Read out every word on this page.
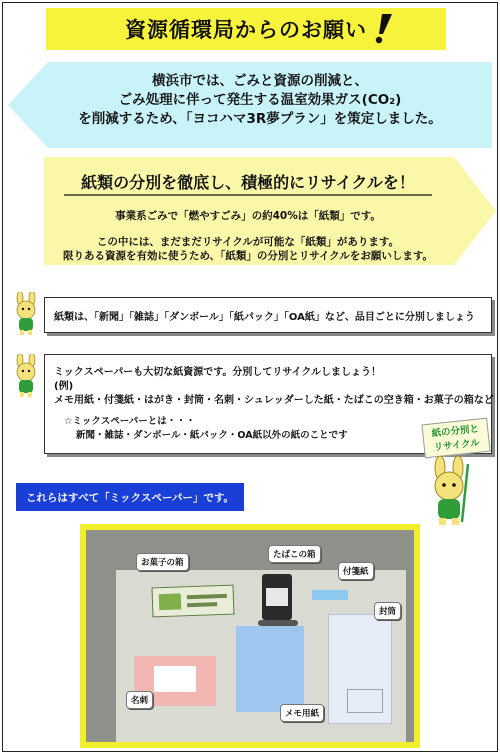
資源循環局からのお願い
横浜市では、ごみと資源の削減と、
ごみ処理に伴って発生する温室効果ガス(CO₂)
を削減するため、「ヨコハマ3R夢プラン」を策定しました。
紙類の分別を徹底し、積極的にリサイクルを！
事業系ごみで「燃やすごみ」の約40%は「紙類」です。
この中には、まだまだリサイクルが可能な「紙類」があります。
限りある資源を有効に使うため、「紙類」の分別とリサイクルをお願いします。
紙類は、「新聞」「雑誌」「ダンボール」「紙パック」「OA紙」など、品目ごとに分別しましょう
ミックスペーパーも大切な紙資源です。分別してリサイクルしましょう！
(例)
メモ用紙・付箋紙・はがき・封筒・名刺・シュレッダーした紙・たばこの空き箱・お菓子の箱など
☆ミックスペーパーとは・・・
新聞・雑誌・ダンボール・紙パック・OA紙以外の紙のことです	紙の分別と
リサイクル
これらはすべて「ミックスペーパー」です。
お菓子の箱
たばこの箱
付箋紙
封筒
名刺
メモ用紙
